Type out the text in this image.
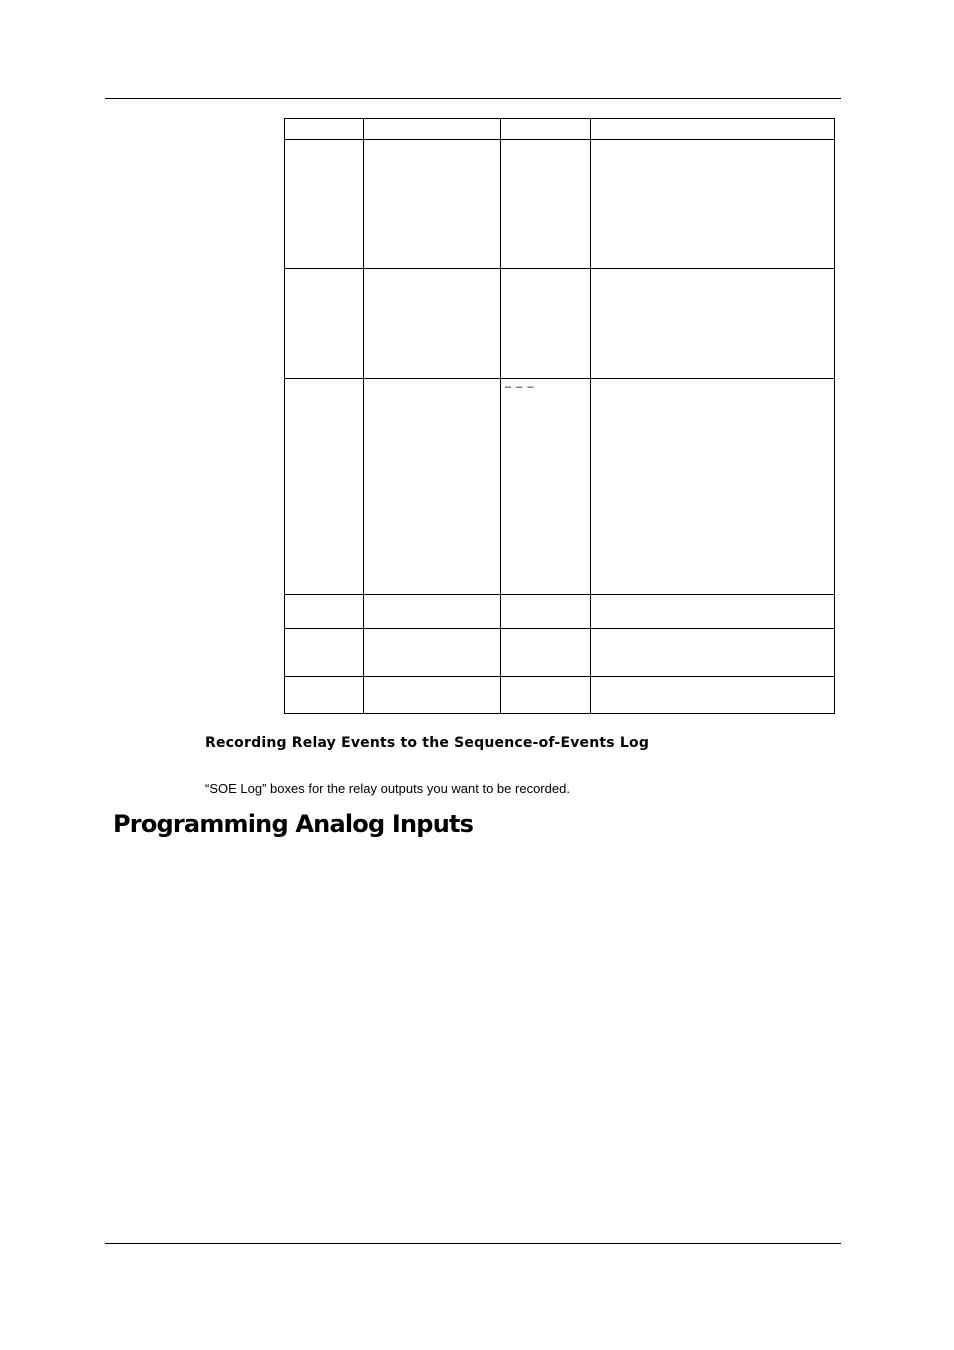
		– – –	

Recording Relay Events to the Sequence-of-Events Log
“SOE Log” boxes for the relay outputs you want to be recorded.
Programming Analog Inputs
